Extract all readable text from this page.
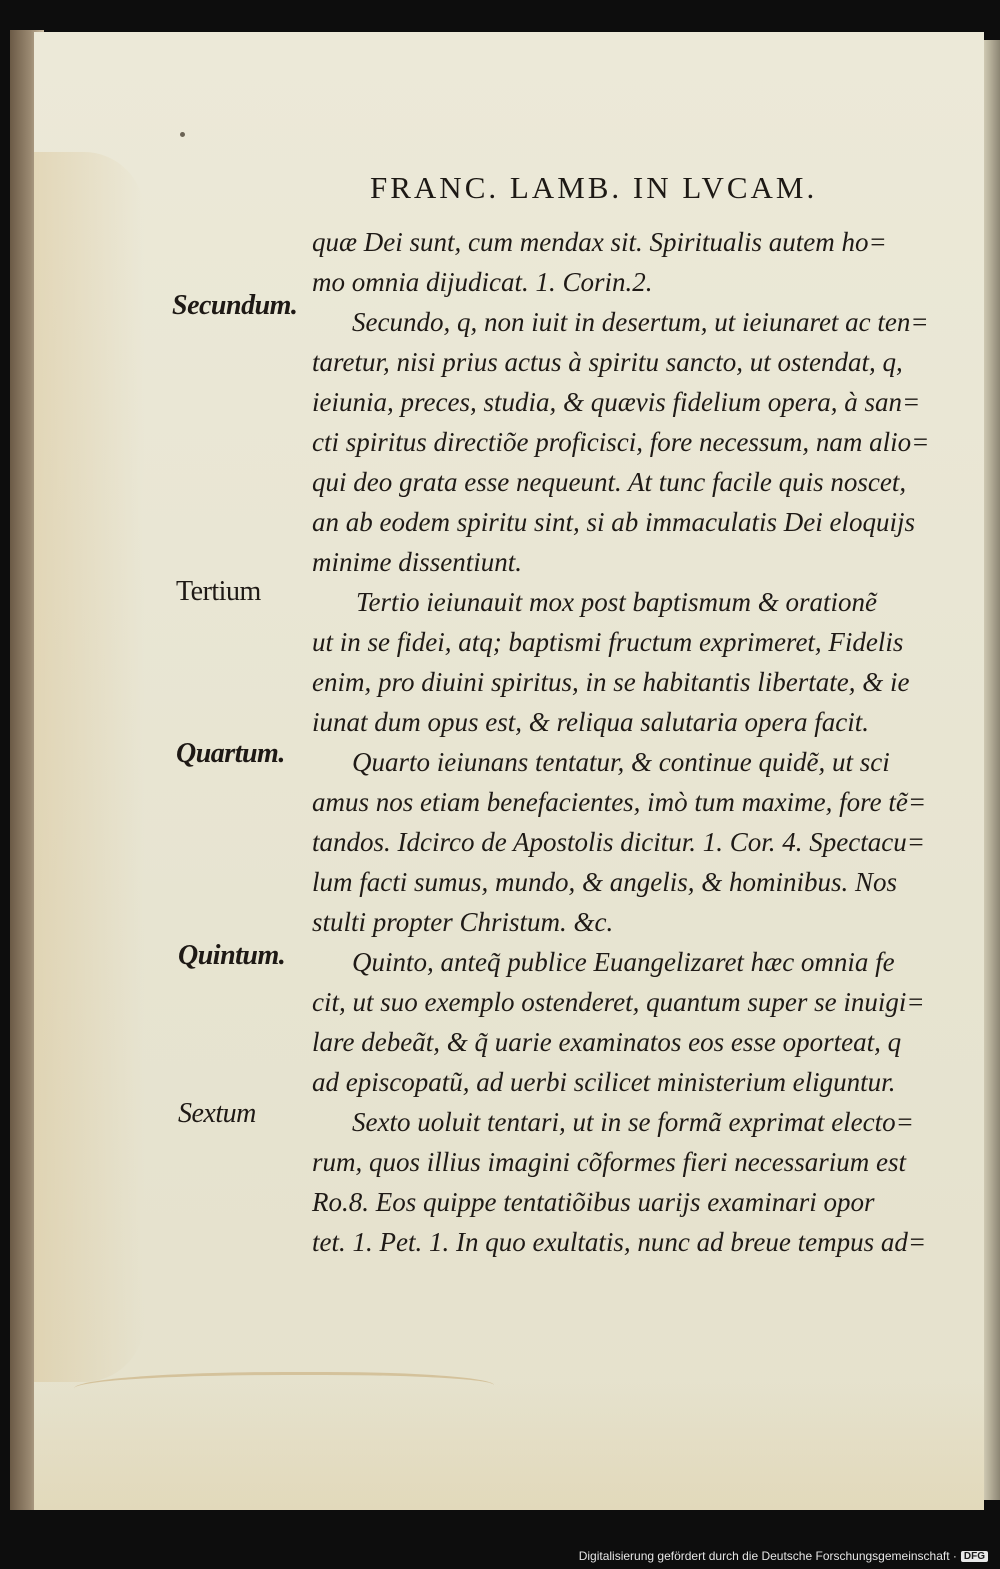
FRANC. LAMB. IN LVCAM.
Secundum.
Tertium
Quartum.
Quintum.
Sextum
quæ Dei sunt, cum mendax sit. Spiritualis autem ho=
mo omnia dijudicat. 1. Corin.2.
Secundo, q, non iuit in desertum, ut ieiunaret ac ten=
taretur, nisi prius actus à spiritu sancto, ut ostendat, q,
ieiunia, preces, studia, & quævis fidelium opera, à san=
cti spiritus directiõe proficisci, fore necessum, nam alio=
qui deo grata esse nequeunt. At tunc facile quis noscet,
an ab eodem spiritu sint, si ab immaculatis Dei eloquijs
minime dissentiunt.
Tertio ieiunauit mox post baptismum & orationẽ
ut in se fidei, atq; baptismi fructum exprimeret, Fidelis
enim, pro diuini spiritus, in se habitantis libertate, & ie
iunat dum opus est, & reliqua salutaria opera facit.
Quarto ieiunans tentatur, & continue quidẽ, ut sci
amus nos etiam benefacientes, imò tum maxime, fore tẽ=
tandos. Idcirco de Apostolis dicitur. 1. Cor. 4. Spectacu=
lum facti sumus, mundo, & angelis, & hominibus. Nos
stulti propter Christum. &c.
Quinto, anteq̃ publice Euangelizaret hæc omnia fe
cit, ut suo exemplo ostenderet, quantum super se inuigi=
lare debeãt, & q̃ uarie examinatos eos esse oporteat, q
ad episcopatũ, ad uerbi scilicet ministerium eliguntur.
Sexto uoluit tentari, ut in se formã exprimat electo=
rum, quos illius imagini cõformes fieri necessarium est
Ro.8. Eos quippe tentatiõibus uarijs examinari opor
tet. 1. Pet. 1. In quo exultatis, nunc ad breue tempus ad=
Digitalisierung gefördert durch die Deutsche Forschungsgemeinschaft · DFG
